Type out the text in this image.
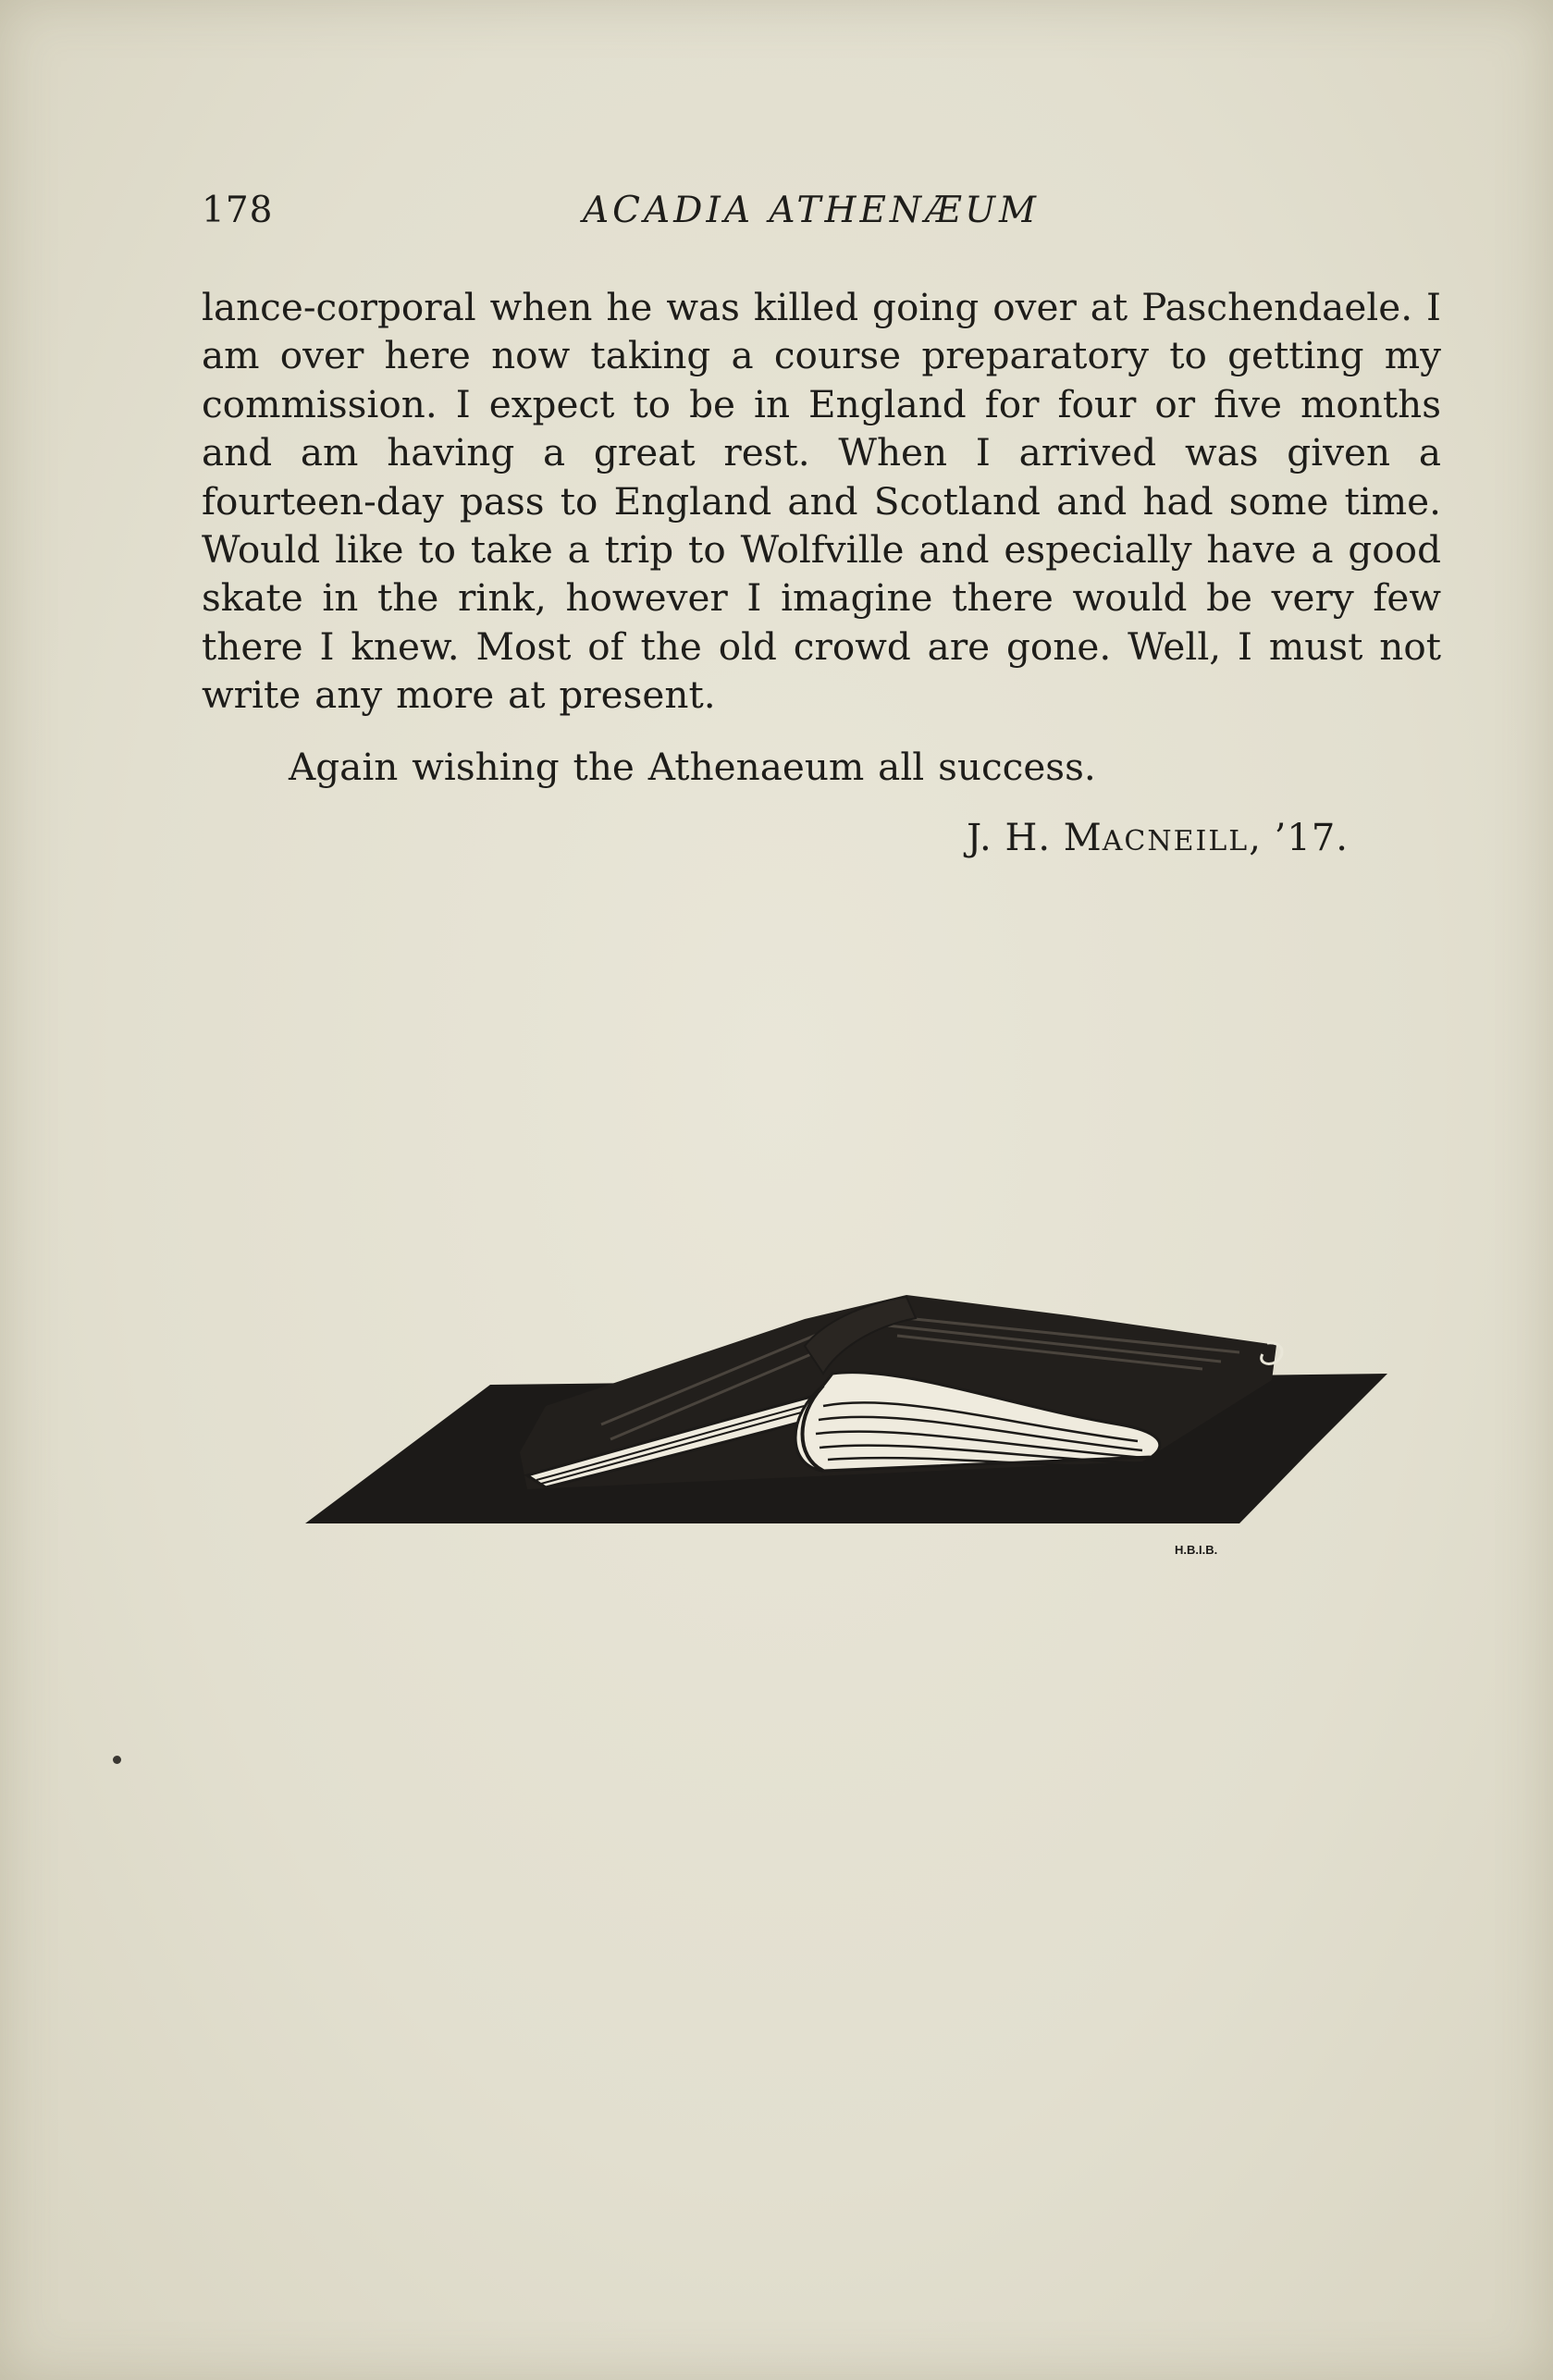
178	ACADIA ATHENÆUM

lance-corporal when he was killed going over at Paschendaele. I am over here now taking a course preparatory to getting my commission. I expect to be in England for four or five months and am having a great rest. When I arrived was given a fourteen-day pass to England and Scotland and had some time. Would like to take a trip to Wolfville and especially have a good skate in the rink, however I imagine there would be very few there I knew. Most of the old crowd are gone. Well, I must not write any more at present.

Again wishing the Athenaeum all success.

J. H. MACNEILL, ’17.
H.B.I.B.
